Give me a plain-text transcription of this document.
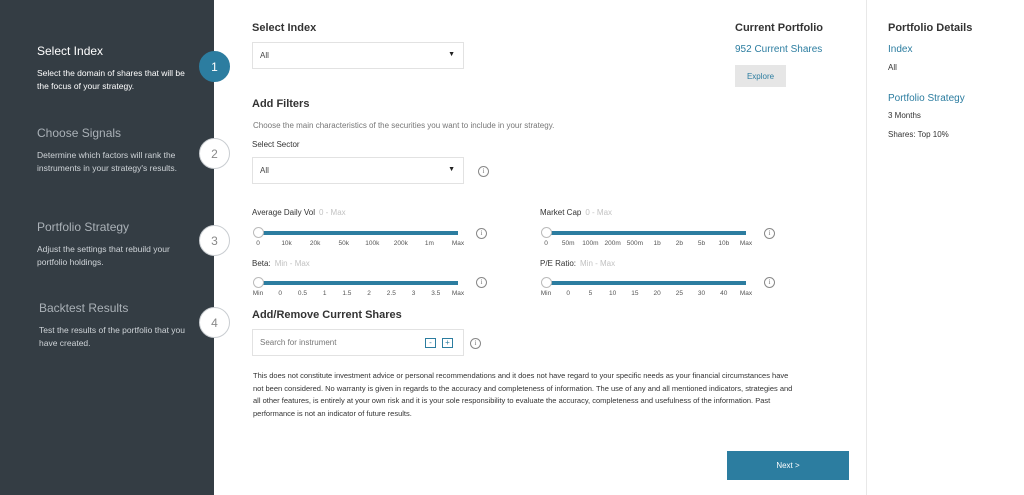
Select Index
Select the domain of shares that will be the focus of your strategy.
Choose Signals
Determine which factors will rank the instruments in your strategy's results.
Portfolio Strategy
Adjust the settings that rebuild your portfolio holdings.
Backtest Results
Test the results of the portfolio that you have created.
1
2
3
4
Select Index
All	▼
Add Filters
Choose the main characteristics of the securities you want to include in your strategy.
Select Sector
All	▼	i
Average Daily Vol 0 - Max
0	10k	20k	50k	100k 200k	1m	Max
i
Market Cap 0 - Max
0 50m 100m 200m 500m 1b 2b 5b 10b Max
i
Beta: Min - Max
Min 0 0.5 1 1.5 2 2.5 3 3.5 Max
i
P/E Ratio: Min - Max
Min 0	5	10 15 20 25 30 40 Max
i
Add/Remove Current Shares
Search for instrument	-	+	i
This does not constitute investment advice or personal recommendations and it does not have regard to your specific needs as your financial circumstances have not been considered. No warranty is given in regards to the accuracy and completeness of information. The use of any and all mentioned indicators, strategies and all other features, is entirely at your own risk and it is your sole responsibility to evaluate the accuracy, completeness and usefulness of the information. Past performance is not an indicator of future results.
Next >
Current Portfolio
952 Current Shares
Explore
Portfolio Details
Index
All
Portfolio Strategy
3 Months
Shares: Top 10%
